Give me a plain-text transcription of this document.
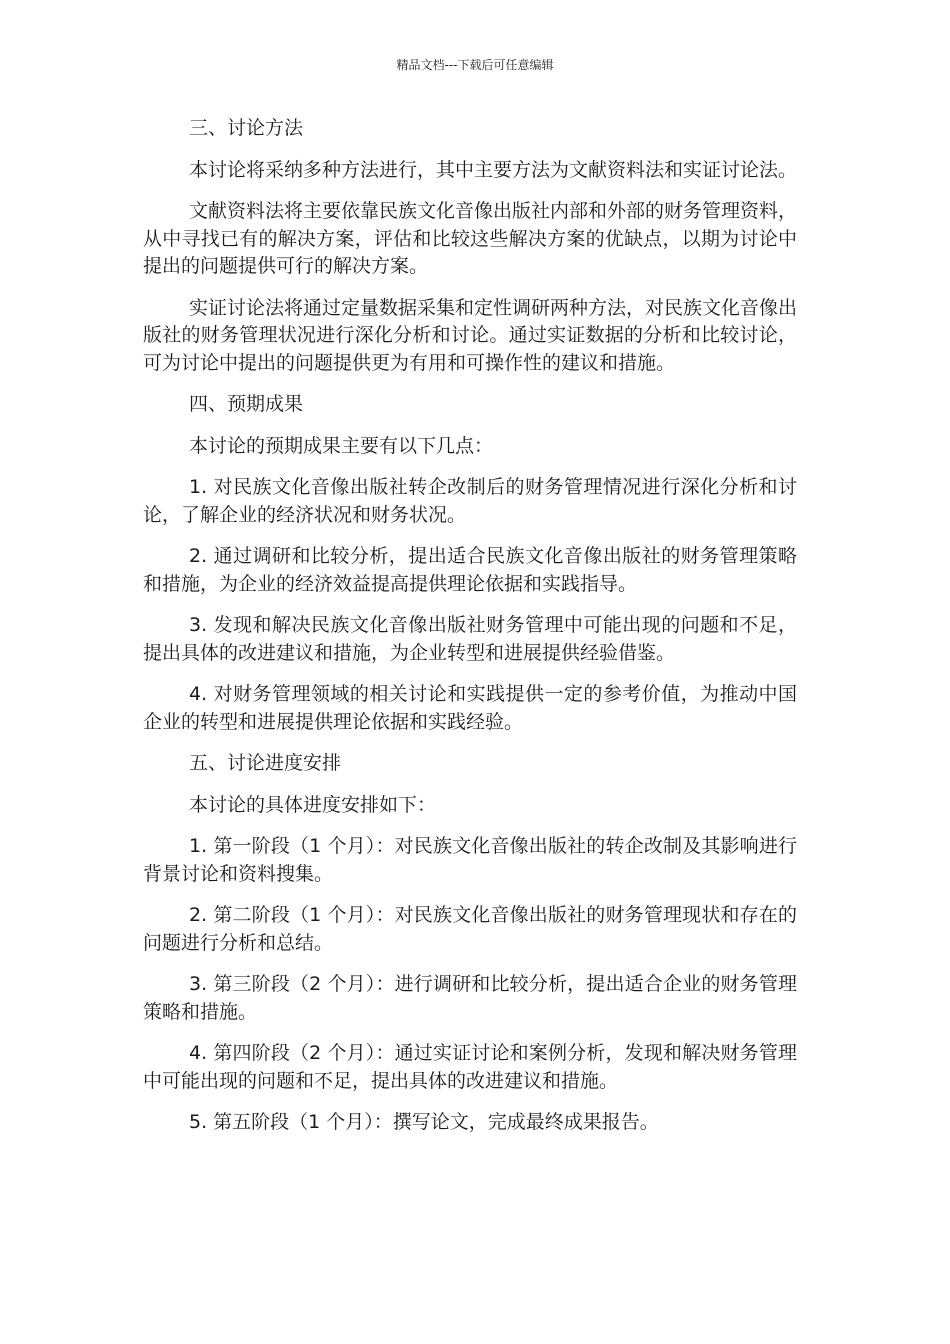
精品文档---下载后可任意编辑

三、讨论方法

本讨论将采纳多种方法进行，其中主要方法为文献资料法和实证讨论法。

文献资料法将主要依靠民族文化音像出版社内部和外部的财务管理资料，从中寻找已有的解决方案，评估和比较这些解决方案的优缺点，以期为讨论中提出的问题提供可行的解决方案。

实证讨论法将通过定量数据采集和定性调研两种方法，对民族文化音像出版社的财务管理状况进行深化分析和讨论。通过实证数据的分析和比较讨论，可为讨论中提出的问题提供更为有用和可操作性的建议和措施。

四、预期成果

本讨论的预期成果主要有以下几点：

1. 对民族文化音像出版社转企改制后的财务管理情况进行深化分析和讨论，了解企业的经济状况和财务状况。

2. 通过调研和比较分析，提出适合民族文化音像出版社的财务管理策略和措施，为企业的经济效益提高提供理论依据和实践指导。

3. 发现和解决民族文化音像出版社财务管理中可能出现的问题和不足，提出具体的改进建议和措施，为企业转型和进展提供经验借鉴。

4. 对财务管理领域的相关讨论和实践提供一定的参考价值，为推动中国企业的转型和进展提供理论依据和实践经验。

五、讨论进度安排

本讨论的具体进度安排如下：

1. 第一阶段（1 个月）：对民族文化音像出版社的转企改制及其影响进行背景讨论和资料搜集。

2. 第二阶段（1 个月）：对民族文化音像出版社的财务管理现状和存在的问题进行分析和总结。

3. 第三阶段（2 个月）：进行调研和比较分析，提出适合企业的财务管理策略和措施。

4. 第四阶段（2 个月）：通过实证讨论和案例分析，发现和解决财务管理中可能出现的问题和不足，提出具体的改进建议和措施。

5. 第五阶段（1 个月）：撰写论文，完成最终成果报告。
